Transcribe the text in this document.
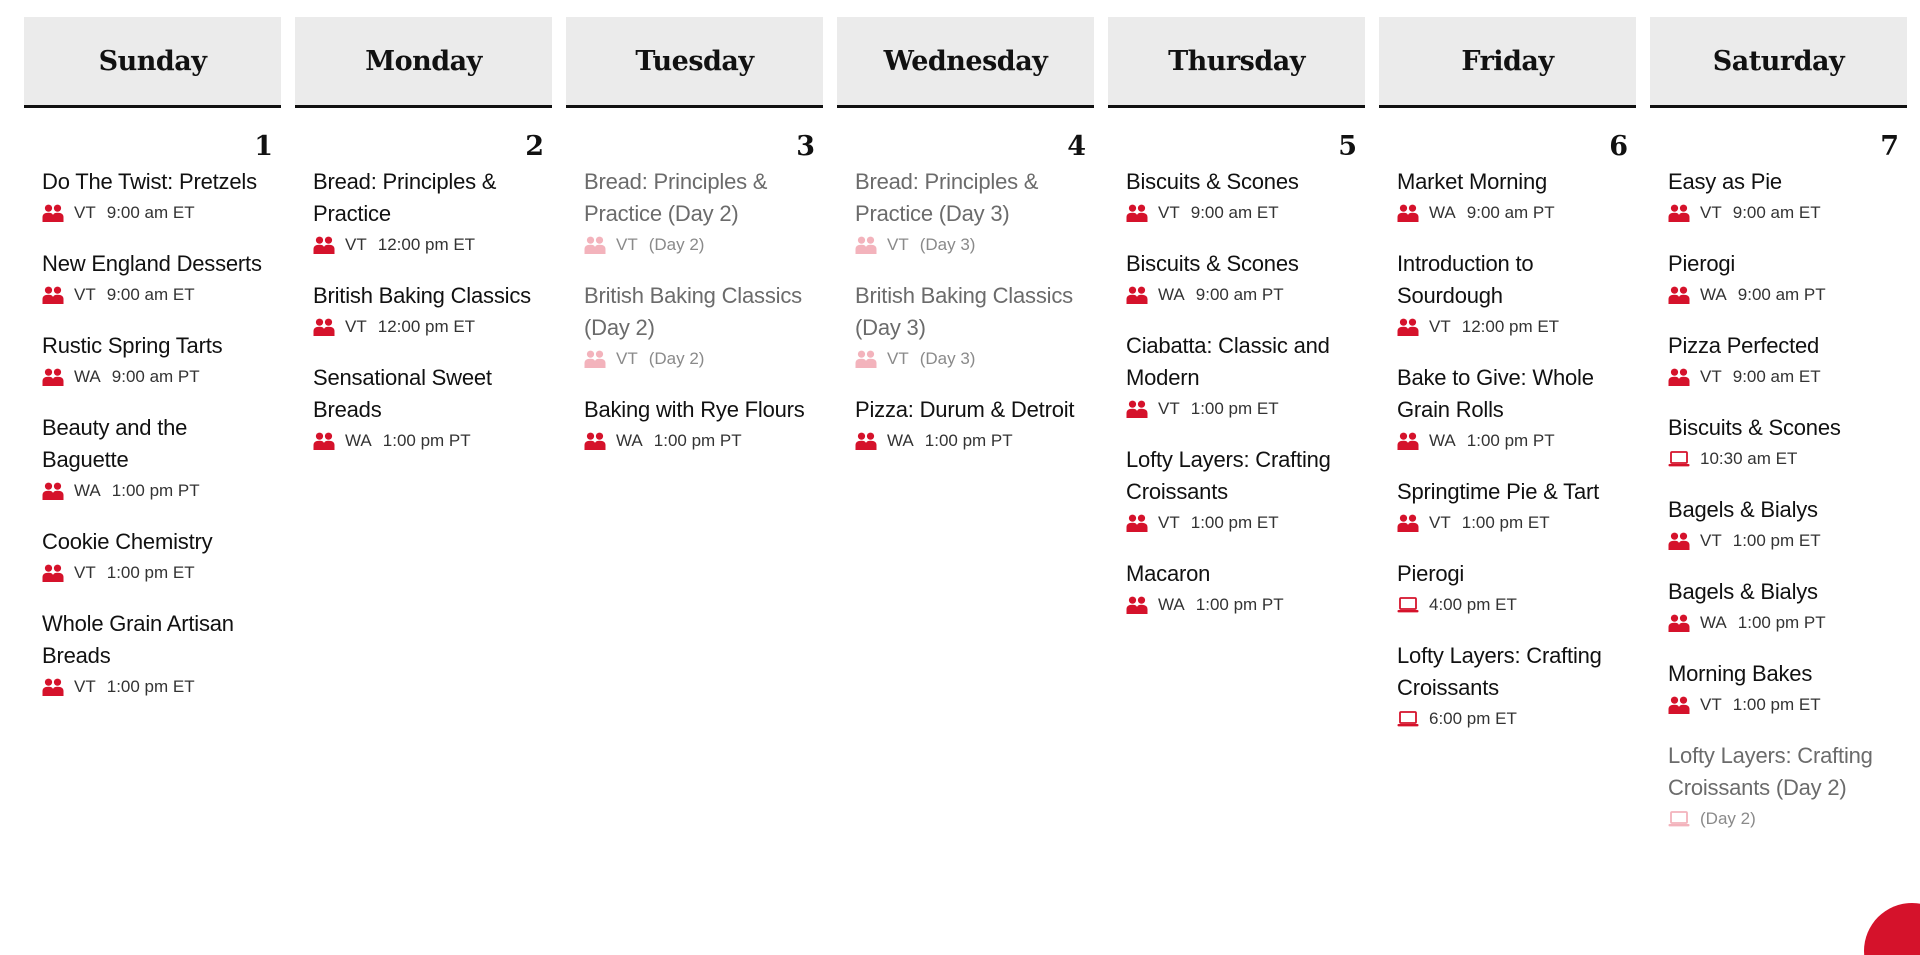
Sunday
1
Do The Twist: Pretzels
VT 9:00 am ET
New England Desserts
VT 9:00 am ET
Rustic Spring Tarts
WA 9:00 am PT
Beauty and the Baguette
WA 1:00 pm PT
Cookie Chemistry
VT 1:00 pm ET
Whole Grain Artisan Breads
VT 1:00 pm ET
Monday
2
Bread: Principles & Practice
VT 12:00 pm ET
British Baking Classics
VT 12:00 pm ET
Sensational Sweet Breads
WA 1:00 pm PT
Tuesday
3
Bread: Principles & Practice (Day 2)
VT (Day 2)
British Baking Classics (Day 2)
VT (Day 2)
Baking with Rye Flours
WA 1:00 pm PT
Wednesday
4
Bread: Principles & Practice (Day 3)
VT (Day 3)
British Baking Classics (Day 3)
VT (Day 3)
Pizza: Durum & Detroit
WA 1:00 pm PT
Thursday
5
Biscuits & Scones
VT 9:00 am ET
Biscuits & Scones
WA 9:00 am PT
Ciabatta: Classic and Modern
VT 1:00 pm ET
Lofty Layers: Crafting Croissants
VT 1:00 pm ET
Macaron
WA 1:00 pm PT
Friday
6
Market Morning
WA 9:00 am PT
Introduction to Sourdough
VT 12:00 pm ET
Bake to Give: Whole Grain Rolls
WA 1:00 pm PT
Springtime Pie & Tart
VT 1:00 pm ET
Pierogi
4:00 pm ET
Lofty Layers: Crafting Croissants
6:00 pm ET
Saturday
7
Easy as Pie
VT 9:00 am ET
Pierogi
WA 9:00 am PT
Pizza Perfected
VT 9:00 am ET
Biscuits & Scones
10:30 am ET
Bagels & Bialys
VT 1:00 pm ET
Bagels & Bialys
WA 1:00 pm PT
Morning Bakes
VT 1:00 pm ET
Lofty Layers: Crafting Croissants (Day 2)
(Day 2)
